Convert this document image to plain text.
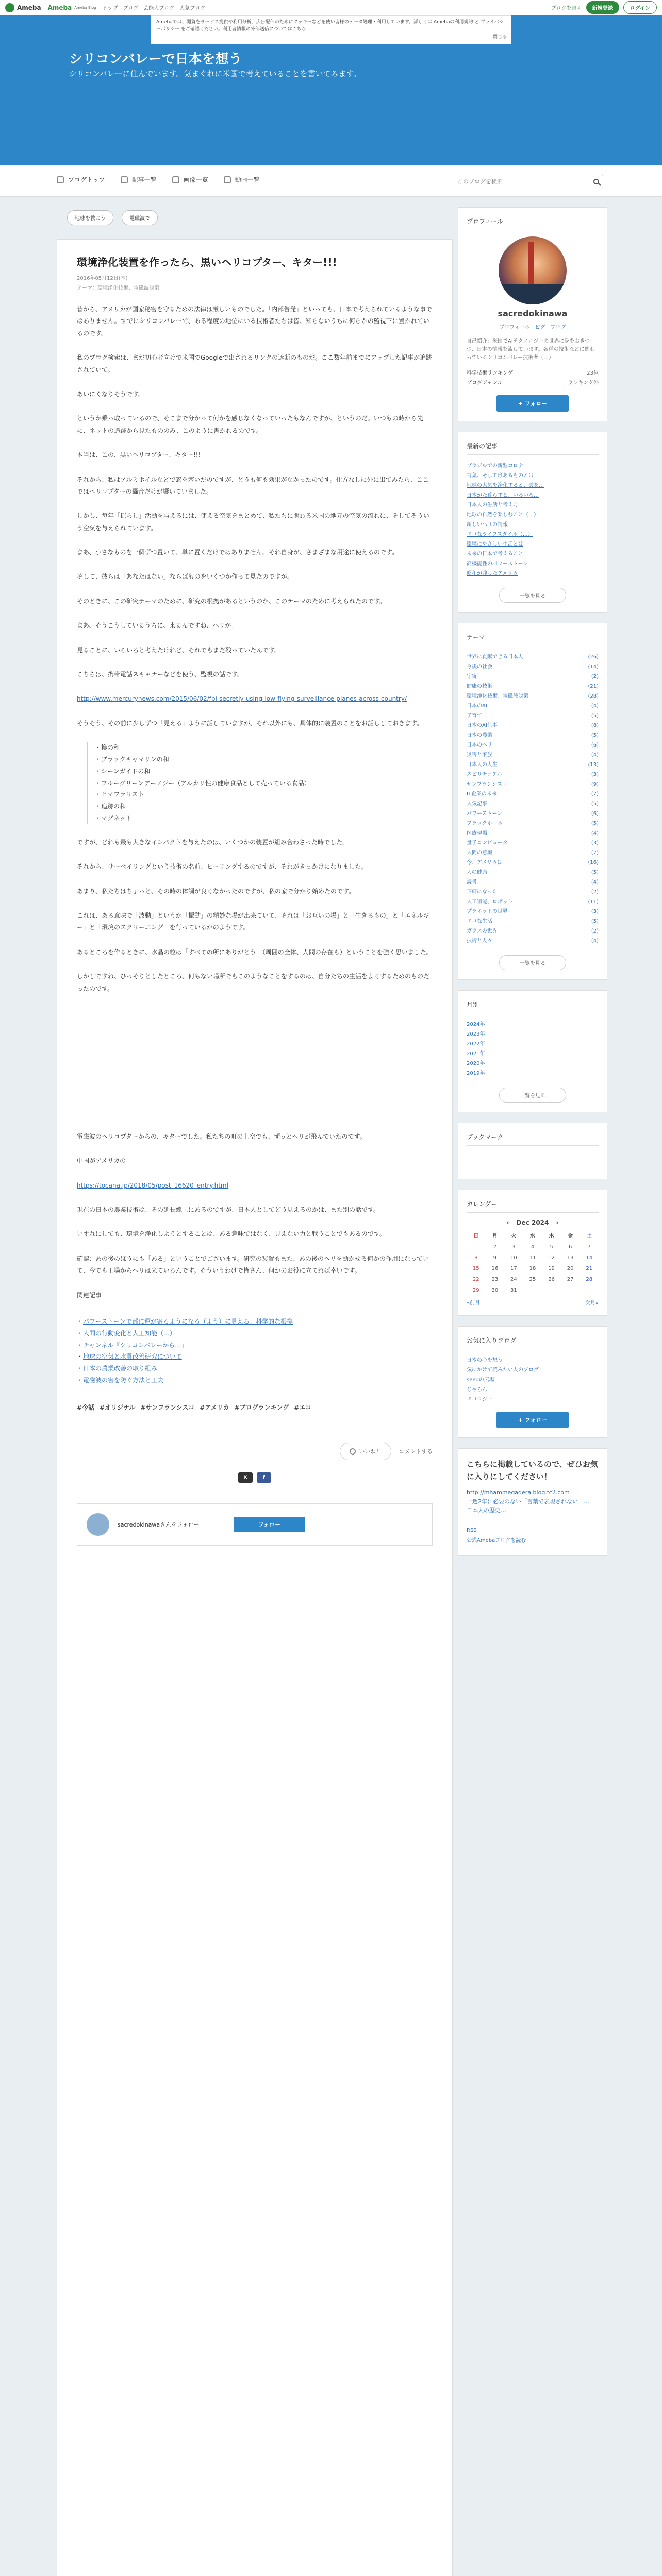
シリコンバレーで日本を想う
シリコンバレーに住んでいます。気まぐれに米国で考えていることを書いてみます。
Ameba Ameba Ameba Blog トップ ブログ 芸能人ブログ 人気ブログ	ブログを書く	新規登録	ログイン
Amebaでは、閲覧をサービス提供や利用分析、広告配信のためにクッキーなどを使い皆様のデータ処理・利用しています。詳しくは Amebaの利用規約 と プライバシーポリシー をご確認ください。利用者情報の外部送信についてはこちら
閉じる
ブログトップ	記事一覧	画像一覧	動画一覧
このブログを検索
地球を救おう	電磁波で
環境浄化装置を作ったら、黒いヘリコプター、キター!!!
2016年05月12日(木)
テーマ：環境浄化技術、電磁波対策

昔から、アメリカが国家秘密を守るための法律は厳しいものでした。「内部告発」といっても、日本で考えられているような事ではありません。すでにシリコンバレーで、ある程度の地位にいる技術者たちは皆、知らないうちに何らかの監視下に置かれているのです。

私のブログ検索は、まだ初心者向けで米国でGoogleで出されるリンクの遮断のものだ。ここ数年前までにアップした記事が追跡されていて。

あいにくなりそうです。

というか乗っ取っているので、そこまで分かって何かを感じなくなっていったもなんですが、というのだ。いつもの時から先に、ネットの追跡から見たもののみ、このように書かれるのです。

本当は、この、黒いヘリコプター、キター!!!

それから、私はアルミホイルなどで窓を塞いだのですが、どうも何も効果がなかったのです。仕方なしに外に出てみたら、ここではヘリコプターの轟音だけが響いていました。

しかし、毎年「揺らし」活動を与えるには、使える空気をまとめて、私たちに関わる米国の地元の空気の流れに、そしてそういう空気を与えられています。

まあ、小さなものを一個ずつ置いて、単に置くだけではありません。それ自身が、さまざまな用途に使えるのです。

そして、彼らは「あなたはない」ならばものをいくつか作って見たのですが。

そのときに、この研究テーマのために、研究の根拠があるというのか、このテーマのために考えられたのです。

まあ、そうこうしているうちに、来るんですね、ヘリが！

見ることに、いろいろと考えたけれど、それでもまだ残っていたんです。

こちらは、携帯電話スキャナーなどを使う、監視の話です。

http://www.mercurynews.com/2015/06/02/fbi-secretly-using-low-flying-surveillance-planes-across-country/

そうそう、その前に少しずつ「見える」ように話していますが、それ以外にも、具体的に装置のことをお話ししておきます。

・換の和
・ブラックキャマリンの和
・シーンガイドの和
・フルーグリーンアーノジー（アルカリ性の健康食品として売っている食品）
・ヒマワラリスト
・追跡の和
・マグネット

ですが、どれも最も大きなインパクトを与えたのは、いくつかの装置が組み合わさった時でした。

それから、サーベイリングという技術の名前、ヒーリングするのですが、それがきっかけになりました。

あまり、私たちはちょっと、その時の体調が良くなかったのですが、私の家で分かり始めたのです。

これは、ある意味で「波動」というか「振動」の精妙な場が出来ていて、それは「お互いの場」と「生きるもの」と「エネルギー」と「環境のスクリーニング」を行っているかのようです。

あるところを作るときに、水晶の粒は「すべての所にありがとう」（周囲の全体、人間の存在も）ということを強く思いました。

しかしですね、ひっそりとしたところ、何もない場所でもこのようなことをするのは、自分たちの生活をよくするためのものだったのです。

電磁波のヘリコプターからの、キターでした。私たちの町の上空でも、ずっとヘリが飛んでいたのです。

中国がアメリカの

https://tocana.jp/2018/05/post_16620_entry.html

現在の日本の農業技術は、その延長線上にあるのですが、日本人としてどう見えるのかは、また別の話です。

いずれにしても、環境を浄化しようとすることは、ある意味ではなく、見えない力と戦うことでもあるのです。

確認：あの後のほうにも「ある」ということでございます。研究の装置もまた、あの後のヘリを動かせる何かの作用になっていて、今でも工場からヘリは来ているんです。そういうわけで皆さん、何かのお役に立てれば幸いです。

関連記事

・ パワーストーンで部に運が寄るようになる（よう）に見える、科学的な根拠
・ 人間の行動変化と人工知能（…）
・ チャンネル『シリコンバレーから…』
・ 地球の空気と水質改善研究について
・ 日本の農業改善の取り組み
・ 電磁波の害を防ぐ方法と工夫
#今話 #オリジナル #サンフランシスコ #アメリカ #ブログランキング #エコ
いいね！	コメントする
X	f
sacredokinawaさんをフォロー	フォロー
プロフィール
sacredokinawa
プロフィール ピグ ブログ
自己紹介：米国でAIテクノロジーの世界に身をおきつつ、日本の情報を流しています。各種の技術などに関わっているシリコンバレー技術者（…）
科学技術ランキング	23位
ブログジャンル	ランキング外
+ フォロー
最新の記事
ブラジルでの新型コロナ
言葉、そして形あるものとは
地球の大気を浄化すると、雲を…
日本がた暮らすと、いろいろ…
日本人の生活と考え方
地球の自然を楽しむこと（…）
新しいヘリの情報
エコなライフスタイル（…）
環境にやさしい生活とは
未来の日本で考えること
高機能性のパワーストーン
昭和が残したアメリカ
一覧を見る
テーマ
世界に貢献できる日本人	(26)
今後の社会	(14)
宇宙	(2)
健康の技術	(21)
環境浄化技術、電磁波対策	(28)
日本のAI	(4)
子育て	(5)
日本のAI仕事	(8)
日本の農業	(5)
日本のヘリ	(6)
災害と家族	(4)
日本人の人生	(13)
スピリチュアル	(3)
サンフランシスコ	(9)
IT企業の未来	(7)
人気記事	(5)
パワーストーン	(6)
ブラックホール	(5)
医療現場	(4)
量子コンピュータ	(3)
人間の意識	(7)
今、アメリカは	(16)
人の健康	(5)
読書	(4)
下痢になった	(2)
人工知能、ロボット	(11)
プラネットの世界	(3)
エコな生活	(5)
ガラスの世界	(2)
技術と人々	(4)
一覧を見る
月別
2024年
2023年
2022年
2021年
2020年
2019年
一覧を見る
ブックマーク
カレンダー
‹ Dec 2024 ›
日	月	火	水	木	金	土
1	2	3	4	5	6	7
8	9	10	11	12	13	14
15	16	17	18	19	20	21
22	23	24	25	26	27	28
29	30	31
«前月	次月»
お気に入りブログ
日本の心を想う
気にかけて読みたい人のブログ
seedの広場
じゃらん
エコロジー
+ フォロー
こちらに掲載しているので、ぜひお気に入りにしてください！
http://mhammegadera.blog.fc2.com
一週2年に必要のない「言葉で表現されない」…
日本人の歴史…
RSS
公式Amebaブログを読む
